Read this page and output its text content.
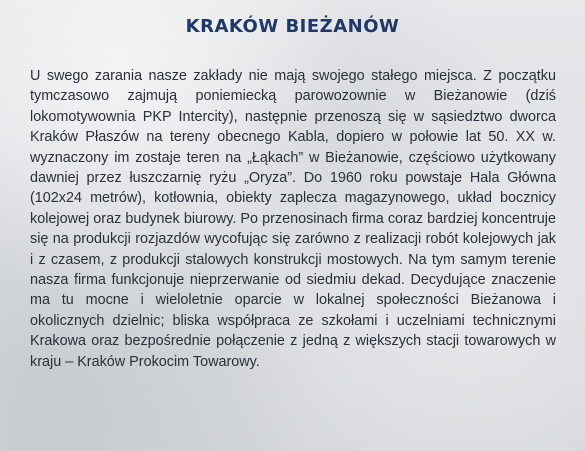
KRAKÓW BIEŻANÓW

U swego zarania nasze zakłady nie mają swojego stałego miejsca. Z początku tymczasowo zajmują poniemiecką parowozownie w Bieżanowie (dziś lokomotywownia PKP Intercity), następnie przenoszą się w sąsiedztwo dworca Kraków Płaszów na tereny obecnego Kabla, dopiero w połowie lat 50. XX w. wyznaczony im zostaje teren na „Łąkach” w Bieżanowie, częściowo użytkowany dawniej przez łuszczarnię ryżu „Oryza”. Do 1960 roku powstaje Hala Główna (102x24 metrów), kotłownia, obiekty zaplecza magazynowego, układ bocznicy kolejowej oraz budynek biurowy. Po przenosinach firma coraz bardziej koncentruje się na produkcji rozjazdów wycofując się zarówno z realizacji robót kolejowych jak i z czasem, z produkcji stalowych konstrukcji mostowych. Na tym samym terenie nasza firma funkcjonuje nieprzerwanie od siedmiu dekad. Decydujące znaczenie ma tu mocne i wieloletnie oparcie w lokalnej społeczności Bieżanowa i okolicznych dzielnic; bliska współpraca ze szkołami i uczelniami technicznymi Krakowa oraz bezpośrednie połączenie z jedną z większych stacji towarowych w kraju – Kraków Prokocim Towarowy.
